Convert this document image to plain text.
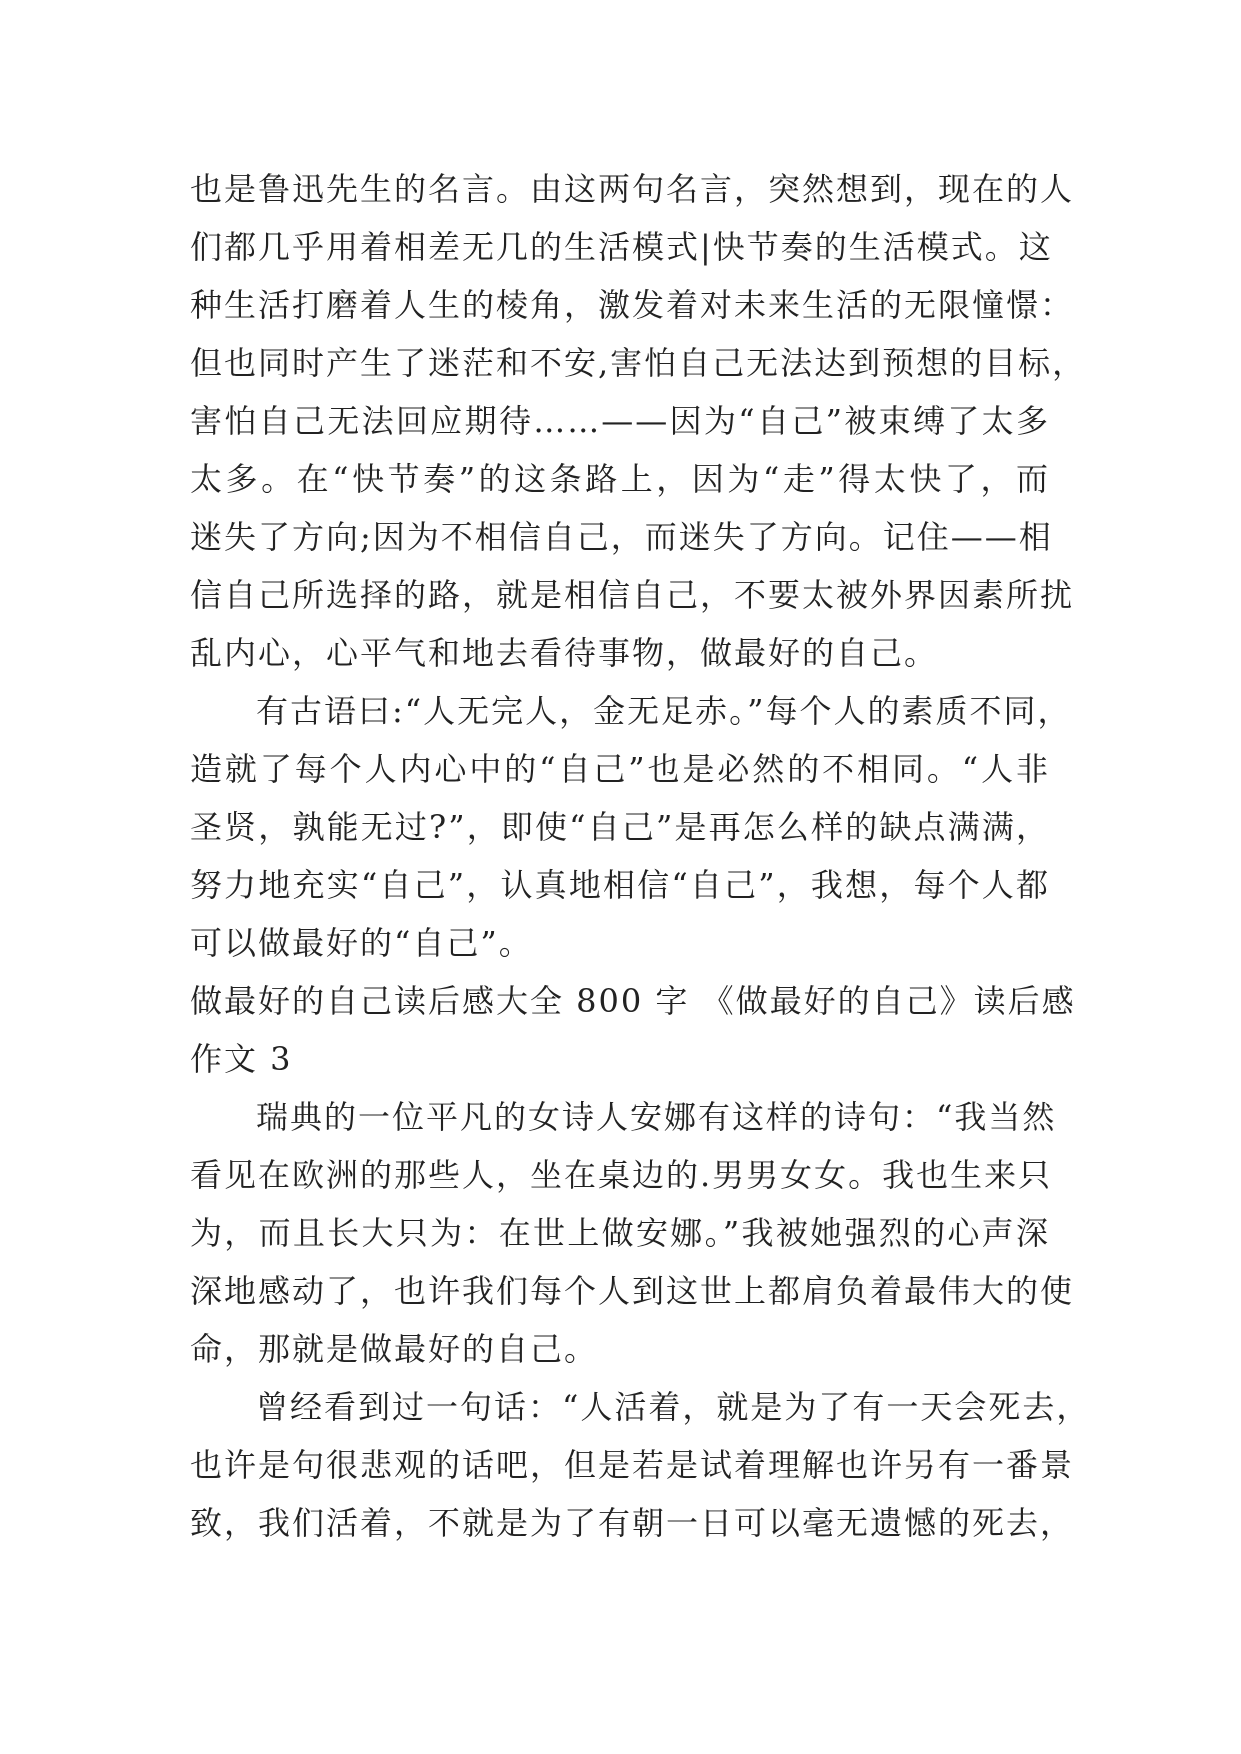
也是鲁迅先生的名言。由这两句名言，突然想到，现在的人
们都几乎用着相差无几的生活模式|快节奏的生活模式。这
种生活打磨着人生的棱角，激发着对未来生活的无限憧憬：
但也同时产生了迷茫和不安,害怕自己无法达到预想的目标，
害怕自己无法回应期待……——因为“自己”被束缚了太多
太多。在“快节奏”的这条路上，因为“走”得太快了，而
迷失了方向;因为不相信自己，而迷失了方向。记住——相
信自己所选择的路，就是相信自己，不要太被外界因素所扰
乱内心，心平气和地去看待事物，做最好的自己。
有古语曰:“人无完人，金无足赤。”每个人的素质不同，
造就了每个人内心中的“自己”也是必然的不相同。“人非
圣贤，孰能无过?”，即使“自己”是再怎么样的缺点满满，
努力地充实“自己”，认真地相信“自己”，我想，每个人都
可以做最好的“自己”。
做最好的自己读后感大全 800 字 《做最好的自己》读后感
作文 3
瑞典的一位平凡的女诗人安娜有这样的诗句：“我当然
看见在欧洲的那些人，坐在桌边的.男男女女。我也生来只
为，而且长大只为：在世上做安娜。”我被她强烈的心声深
深地感动了，也许我们每个人到这世上都肩负着最伟大的使
命，那就是做最好的自己。
曾经看到过一句话：“人活着，就是为了有一天会死去，
也许是句很悲观的话吧，但是若是试着理解也许另有一番景
致，我们活着，不就是为了有朝一日可以毫无遗憾的死去，
